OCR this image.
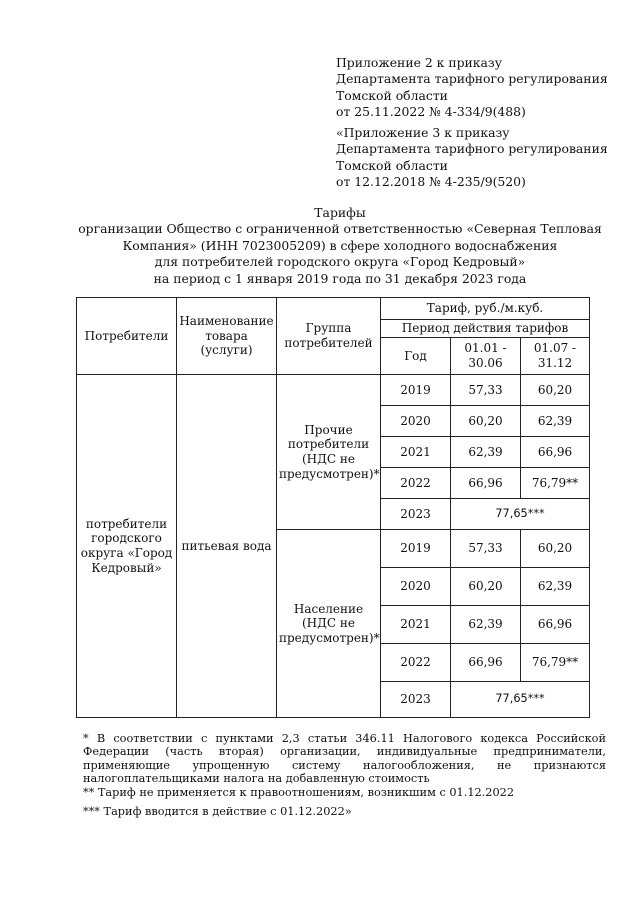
Приложение 2 к приказу
Департамента тарифного регулирования
Томской области
от 25.11.2022 № 4-334/9(488)
«Приложение 3 к приказу
Департамента тарифного регулирования
Томской области
от 12.12.2018 № 4-235/9(520)
Тарифы
организации Общество с ограниченной ответственностью «Северная Тепловая
Компания» (ИНН 7023005209) в сфере холодного водоснабжения
для потребителей городского округа «Город Кедровый»
на период с 1 января 2019 года по 31 декабря 2023 года
Потребители	Наименование товара (услуги)	Группа потребителей	Тариф, руб./м.куб.		
			Период действия тарифов		
			Год	01.01 - 30.06	01.07 - 31.12
потребители городского округа «Город Кедровый»	питьевая вода	Прочие потребители (НДС не предусмотрен)*	2019	57,33	60,20
			2020	60,20	62,39
			2021	62,39	66,96
			2022	66,96	76,79**
			2023	77,65***	
		Население (НДС не предусмотрен)*	2019	57,33	60,20
			2020	60,20	62,39
			2021	62,39	66,96
			2022	66,96	76,79**
			2023	77,65***	
* В соответствии с пунктами 2,3 статьи 346.11 Налогового кодекса Российской Федерации (часть вторая) организации, индивидуальные предприниматели, применяющие упрощенную систему налогообложения, не признаются налогоплательщиками налога на добавленную стоимость
** Тариф не применяется к правоотношениям, возникшим с 01.12.2022
*** Тариф вводится в действие с 01.12.2022»
